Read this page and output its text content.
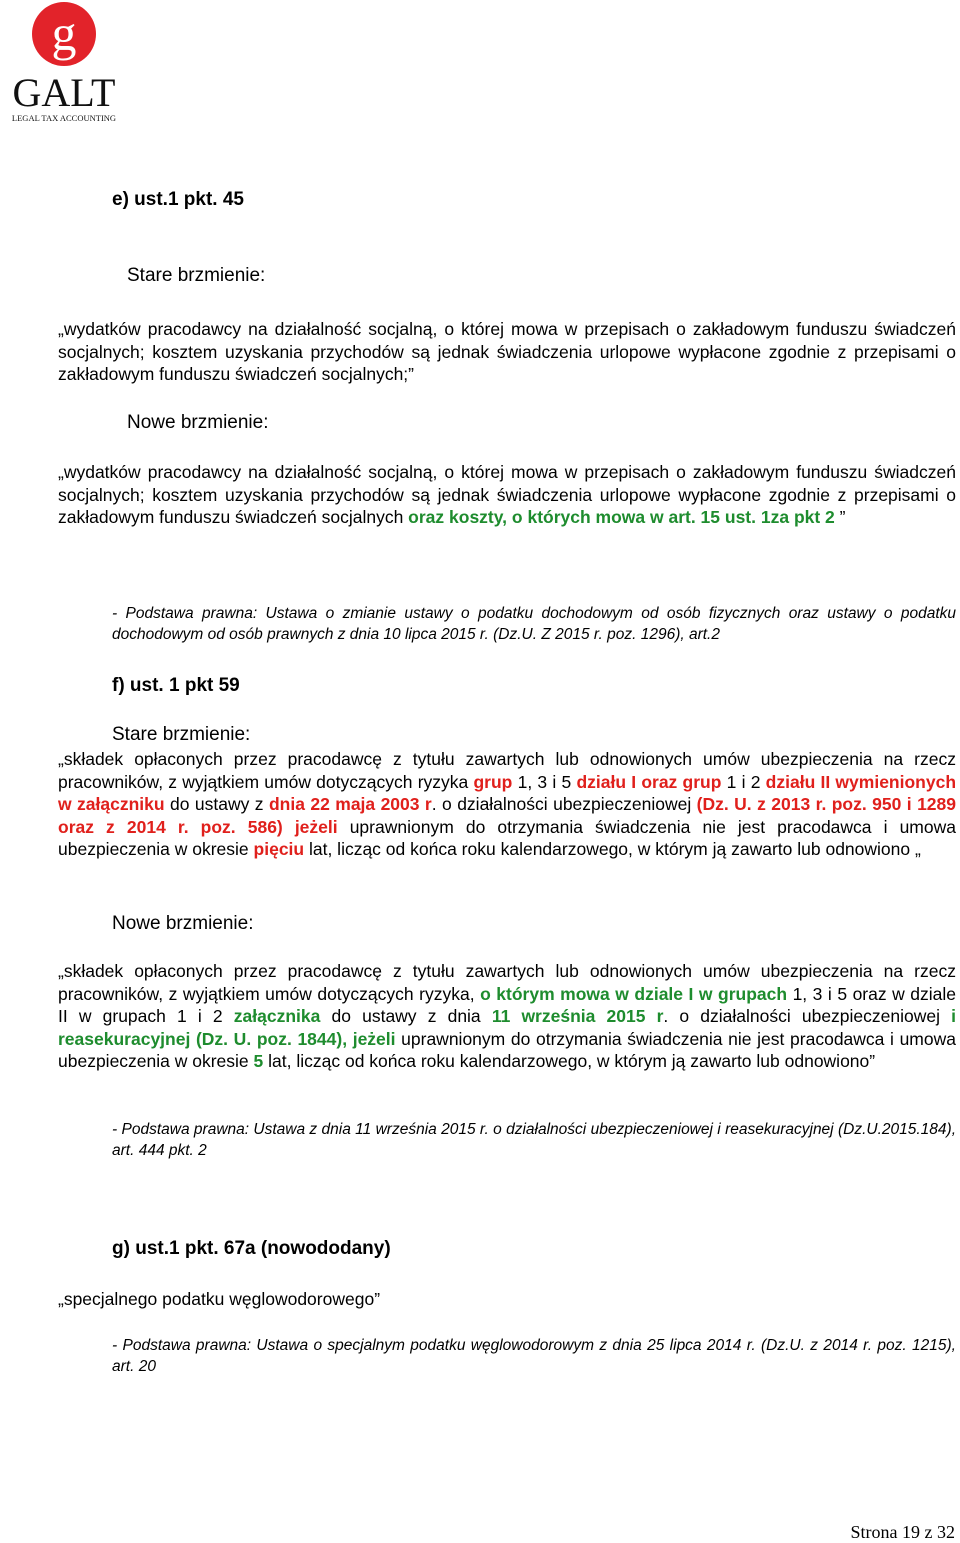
g
GALT
LEGAL TAX ACCOUNTING
e) ust.1 pkt. 45
Stare brzmienie:
„wydatków pracodawcy na działalność socjalną, o której mowa w przepisach o zakładowym funduszu świadczeń socjalnych; kosztem uzyskania przychodów są jednak świadczenia urlopowe wypłacone zgodnie z przepisami o zakładowym funduszu świadczeń socjalnych;”
Nowe brzmienie:
„wydatków pracodawcy na działalność socjalną, o której mowa w przepisach o zakładowym funduszu świadczeń socjalnych; kosztem uzyskania przychodów są jednak świadczenia urlopowe wypłacone zgodnie z przepisami o zakładowym funduszu świadczeń socjalnych oraz koszty, o których mowa w art. 15 ust. 1za pkt 2 ”
- Podstawa prawna: Ustawa o zmianie ustawy o podatku dochodowym od osób fizycznych oraz ustawy o podatku dochodowym od osób prawnych z dnia 10 lipca 2015 r. (Dz.U. Z 2015 r. poz. 1296), art.2
f) ust. 1 pkt 59
Stare brzmienie:
„składek opłaconych przez pracodawcę z tytułu zawartych lub odnowionych umów ubezpieczenia na rzecz pracowników, z wyjątkiem umów dotyczących ryzyka grup 1, 3 i 5 działu I oraz grup 1 i 2 działu II wymienionych w załączniku do ustawy z dnia 22 maja 2003 r. o działalności ubezpieczeniowej (Dz. U. z 2013 r. poz. 950 i 1289 oraz z 2014 r. poz. 586) jeżeli uprawnionym do otrzymania świadczenia nie jest pracodawca i umowa ubezpieczenia w okresie pięciu lat, licząc od końca roku kalendarzowego, w którym ją zawarto lub odnowiono „
Nowe brzmienie:
„składek opłaconych przez pracodawcę z tytułu zawartych lub odnowionych umów ubezpieczenia na rzecz pracowników, z wyjątkiem umów dotyczących ryzyka, o którym mowa w dziale I w grupach 1, 3 i 5 oraz w dziale II w grupach 1 i 2 załącznika do ustawy z dnia 11 września 2015 r. o działalności ubezpieczeniowej i reasekuracyjnej (Dz. U. poz. 1844), jeżeli uprawnionym do otrzymania świadczenia nie jest pracodawca i umowa ubezpieczenia w okresie 5 lat, licząc od końca roku kalendarzowego, w którym ją zawarto lub odnowiono”
- Podstawa prawna: Ustawa z dnia 11 września 2015 r. o działalności ubezpieczeniowej i reasekuracyjnej (Dz.U.2015.184), art. 444 pkt. 2
g) ust.1 pkt. 67a (nowododany)
„specjalnego podatku węglowodorowego”
- Podstawa prawna: Ustawa o specjalnym podatku węglowodorowym z dnia 25 lipca 2014 r. (Dz.U. z 2014 r. poz. 1215), art. 20
Strona 19 z 32
